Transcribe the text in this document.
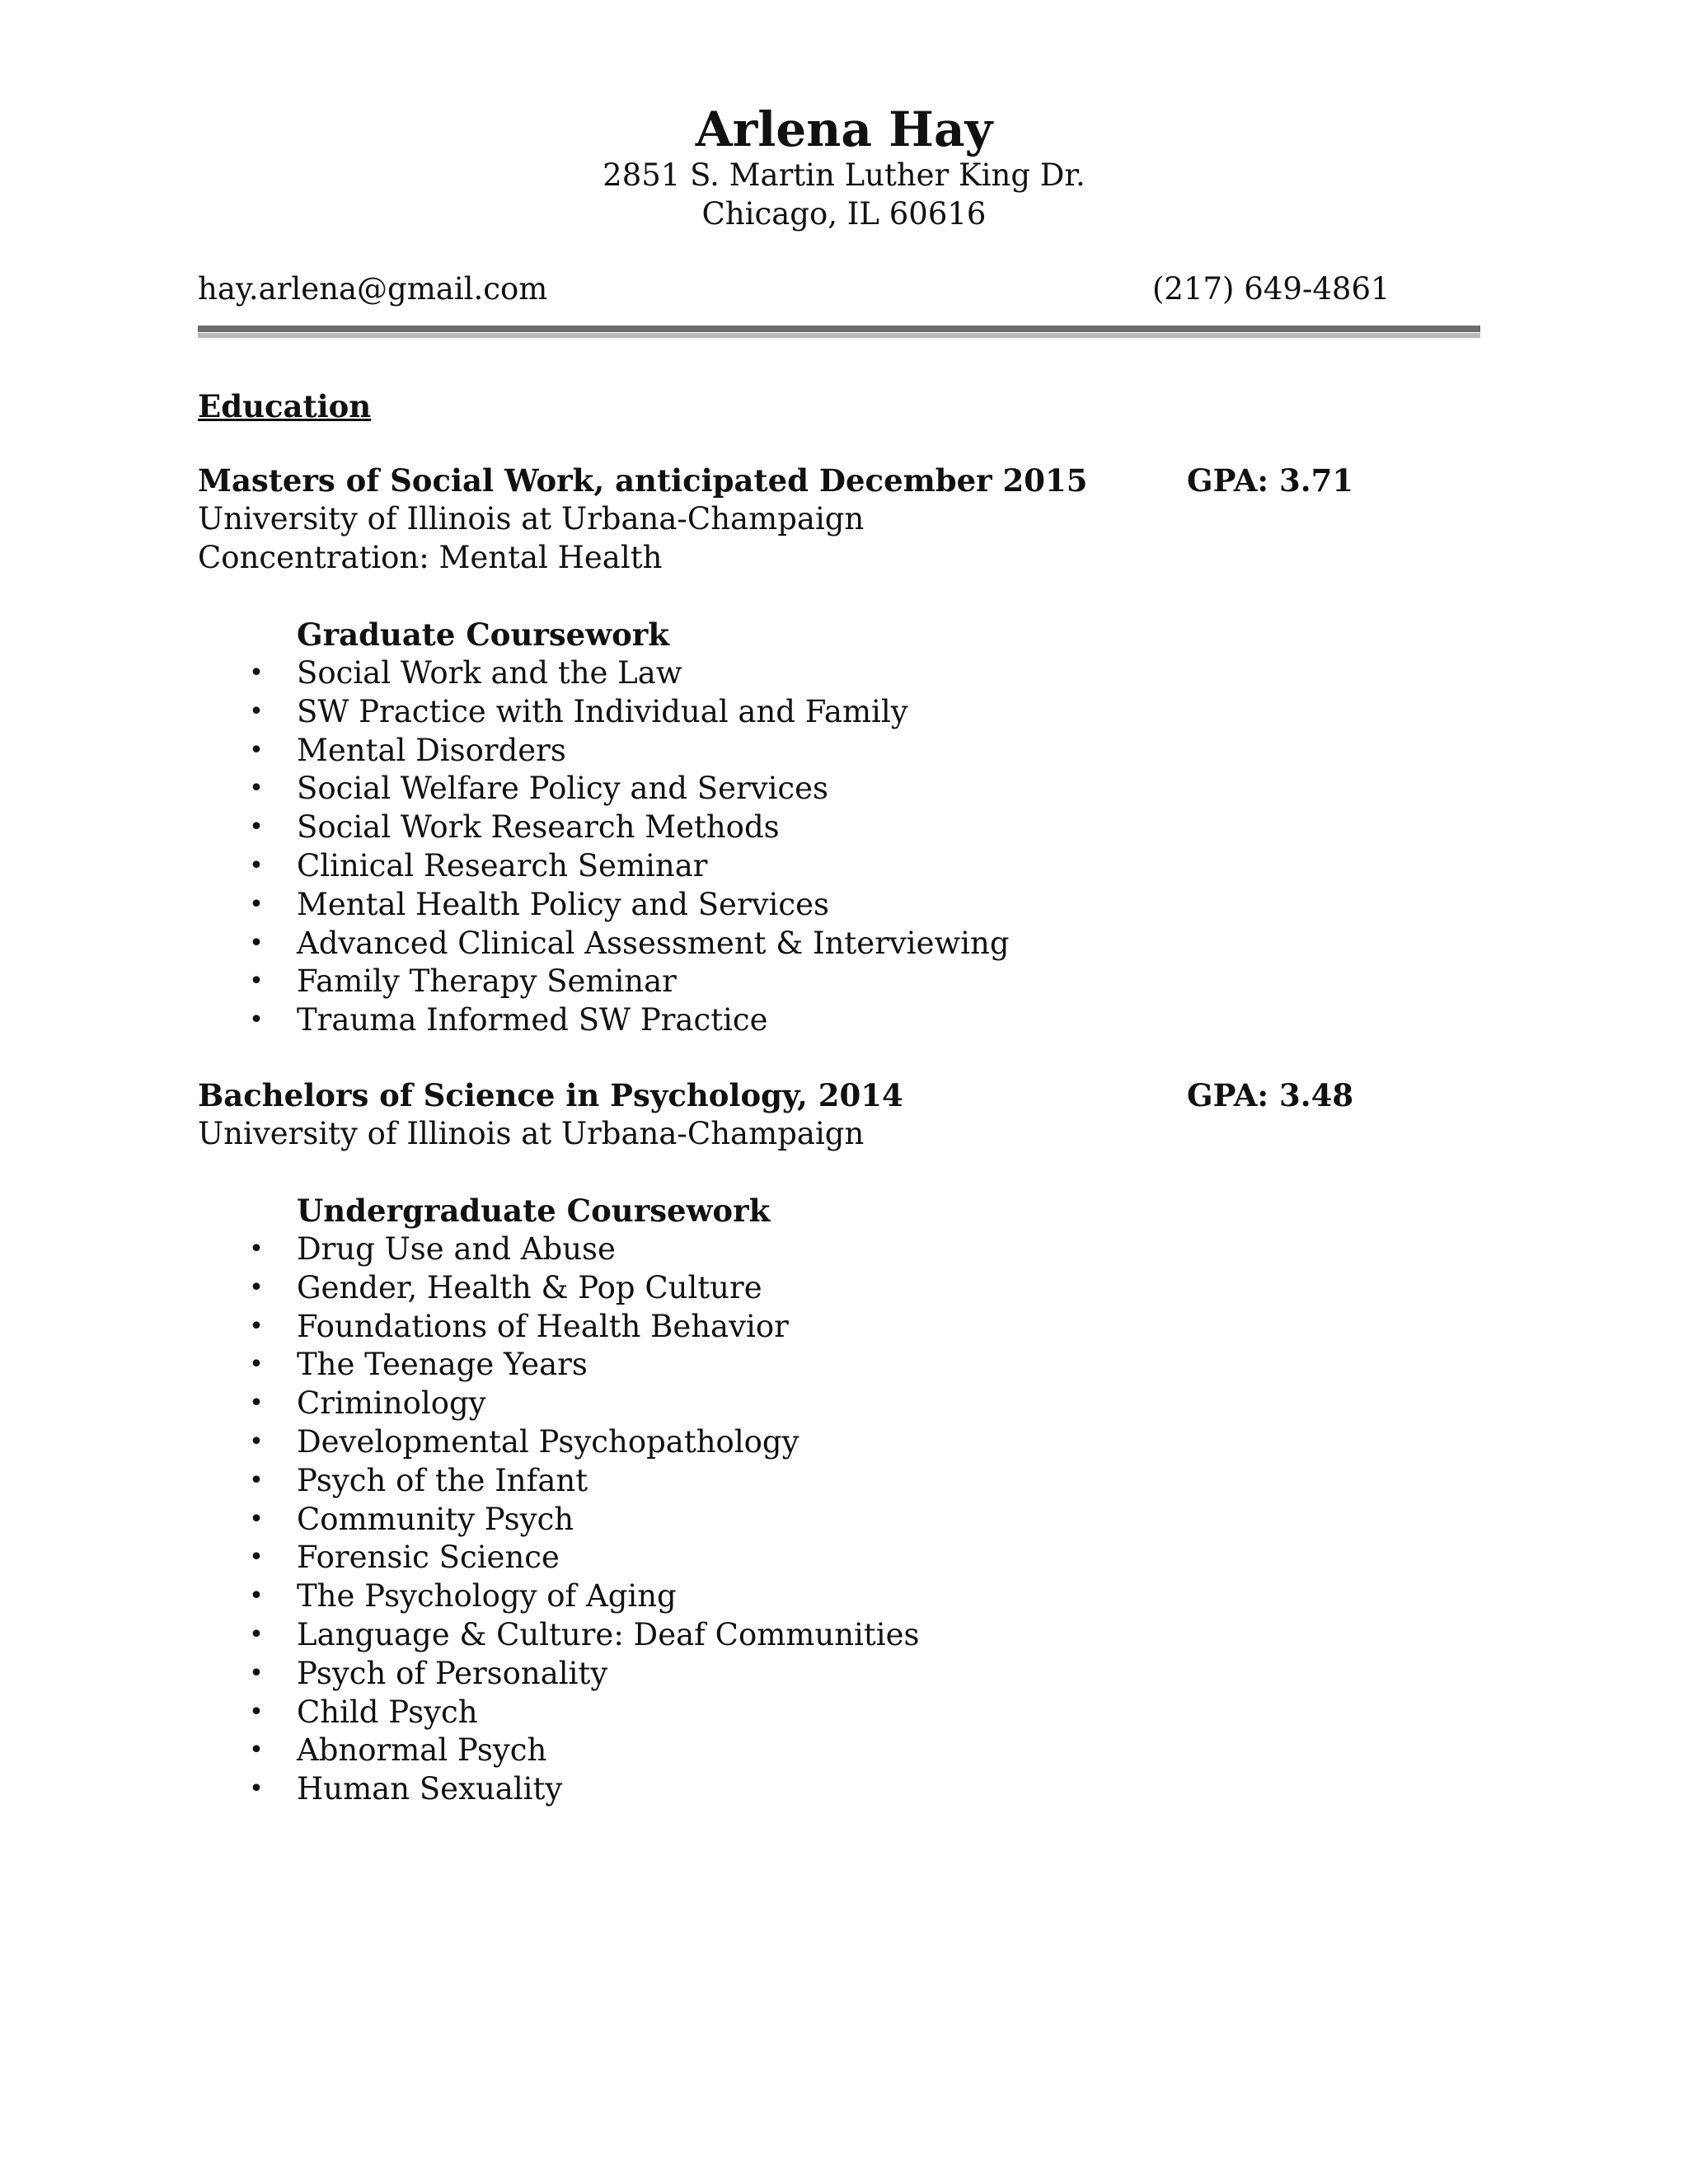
Arlena Hay
2851 S. Martin Luther King Dr.
Chicago, IL 60616
hay.arlena@gmail.com	(217) 649-4861
Education
Masters of Social Work, anticipated December 2015	GPA: 3.71
University of Illinois at Urbana-Champaign
Concentration: Mental Health
Graduate Coursework
• Social Work and the Law
• SW Practice with Individual and Family
• Mental Disorders
• Social Welfare Policy and Services
• Social Work Research Methods
• Clinical Research Seminar
• Mental Health Policy and Services
• Advanced Clinical Assessment & Interviewing
• Family Therapy Seminar
• Trauma Informed SW Practice
Bachelors of Science in Psychology, 2014	GPA: 3.48
University of Illinois at Urbana-Champaign
Undergraduate Coursework
• Drug Use and Abuse
• Gender, Health & Pop Culture
• Foundations of Health Behavior
• The Teenage Years
• Criminology
• Developmental Psychopathology
• Psych of the Infant
• Community Psych
• Forensic Science
• The Psychology of Aging
• Language & Culture: Deaf Communities
• Psych of Personality
• Child Psych
• Abnormal Psych
• Human Sexuality
